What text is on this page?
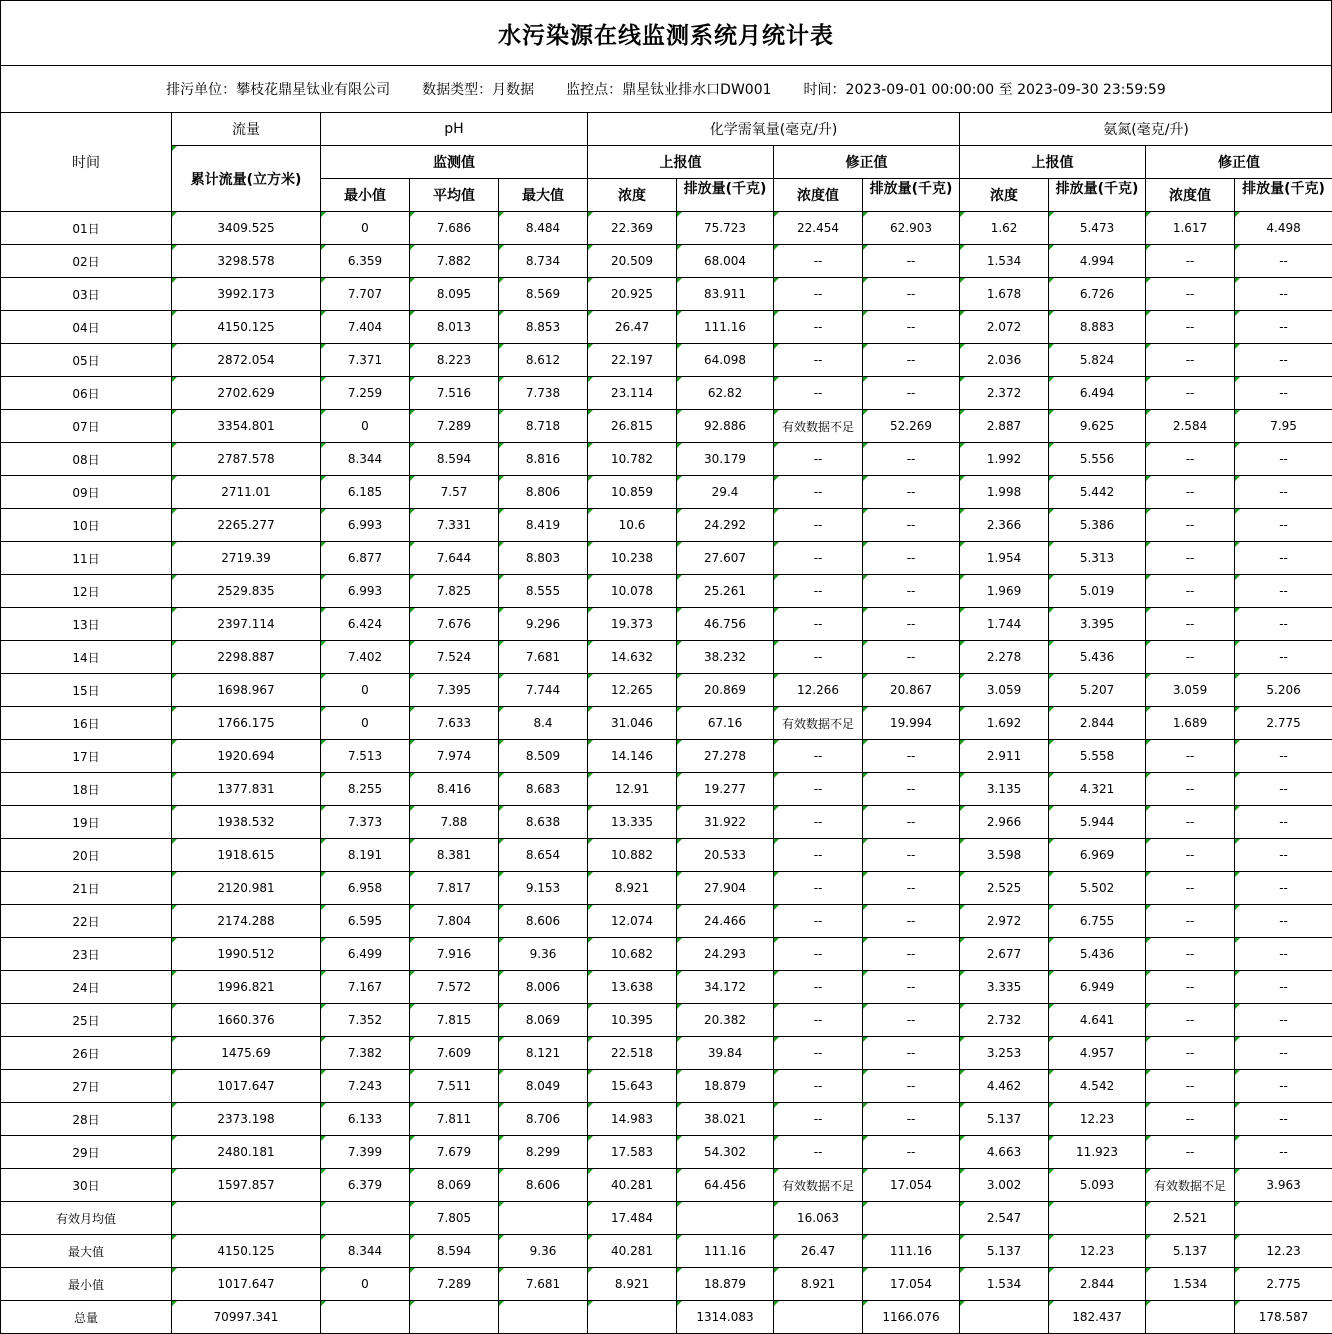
水污染源在线监测系统月统计表
排污单位：攀枝花鼎星钛业有限公司 数据类型：月数据 监控点：鼎星钛业排水口DW001 时间：2023-09-01 00:00:00 至 2023-09-30 23:59:59
时间	流量	pH			化学需氧量(毫克/升)				氨氮(毫克/升)			
	累计流量(立方米)	监测值			上报值		修正值		上报值		修正值	
		最小值	平均值	最大值	浓度	排放量(千克)	浓度值	排放量(千克)	浓度	排放量(千克)	浓度值	排放量(千克)

01日	3409.525	0	7.686	8.484	22.369	75.723	22.454	62.903	1.62	5.473	1.617	4.498
02日	3298.578	6.359	7.882	8.734	20.509	68.004	--	--	1.534	4.994	--	--
03日	3992.173	7.707	8.095	8.569	20.925	83.911	--	--	1.678	6.726	--	--
04日	4150.125	7.404	8.013	8.853	26.47	111.16	--	--	2.072	8.883	--	--
05日	2872.054	7.371	8.223	8.612	22.197	64.098	--	--	2.036	5.824	--	--
06日	2702.629	7.259	7.516	7.738	23.114	62.82	--	--	2.372	6.494	--	--
07日	3354.801	0	7.289	8.718	26.815	92.886	有效数据不足	52.269	2.887	9.625	2.584	7.95
08日	2787.578	8.344	8.594	8.816	10.782	30.179	--	--	1.992	5.556	--	--
09日	2711.01	6.185	7.57	8.806	10.859	29.4	--	--	1.998	5.442	--	--
10日	2265.277	6.993	7.331	8.419	10.6	24.292	--	--	2.366	5.386	--	--
11日	2719.39	6.877	7.644	8.803	10.238	27.607	--	--	1.954	5.313	--	--
12日	2529.835	6.993	7.825	8.555	10.078	25.261	--	--	1.969	5.019	--	--
13日	2397.114	6.424	7.676	9.296	19.373	46.756	--	--	1.744	3.395	--	--
14日	2298.887	7.402	7.524	7.681	14.632	38.232	--	--	2.278	5.436	--	--
15日	1698.967	0	7.395	7.744	12.265	20.869	12.266	20.867	3.059	5.207	3.059	5.206
16日	1766.175	0	7.633	8.4	31.046	67.16	有效数据不足	19.994	1.692	2.844	1.689	2.775
17日	1920.694	7.513	7.974	8.509	14.146	27.278	--	--	2.911	5.558	--	--
18日	1377.831	8.255	8.416	8.683	12.91	19.277	--	--	3.135	4.321	--	--
19日	1938.532	7.373	7.88	8.638	13.335	31.922	--	--	2.966	5.944	--	--
20日	1918.615	8.191	8.381	8.654	10.882	20.533	--	--	3.598	6.969	--	--
21日	2120.981	6.958	7.817	9.153	8.921	27.904	--	--	2.525	5.502	--	--
22日	2174.288	6.595	7.804	8.606	12.074	24.466	--	--	2.972	6.755	--	--
23日	1990.512	6.499	7.916	9.36	10.682	24.293	--	--	2.677	5.436	--	--
24日	1996.821	7.167	7.572	8.006	13.638	34.172	--	--	3.335	6.949	--	--
25日	1660.376	7.352	7.815	8.069	10.395	20.382	--	--	2.732	4.641	--	--
26日	1475.69	7.382	7.609	8.121	22.518	39.84	--	--	3.253	4.957	--	--
27日	1017.647	7.243	7.511	8.049	15.643	18.879	--	--	4.462	4.542	--	--
28日	2373.198	6.133	7.811	8.706	14.983	38.021	--	--	5.137	12.23	--	--
29日	2480.181	7.399	7.679	8.299	17.583	54.302	--	--	4.663	11.923	--	--
30日	1597.857	6.379	8.069	8.606	40.281	64.456	有效数据不足	17.054	3.002	5.093	有效数据不足	3.963
有效月均值			7.805		17.484		16.063		2.547		2.521	
最大值	4150.125	8.344	8.594	9.36	40.281	111.16	26.47	111.16	5.137	12.23	5.137	12.23
最小值	1017.647	0	7.289	7.681	8.921	18.879	8.921	17.054	1.534	2.844	1.534	2.775
总量	70997.341					1314.083		1166.076		182.437		178.587
